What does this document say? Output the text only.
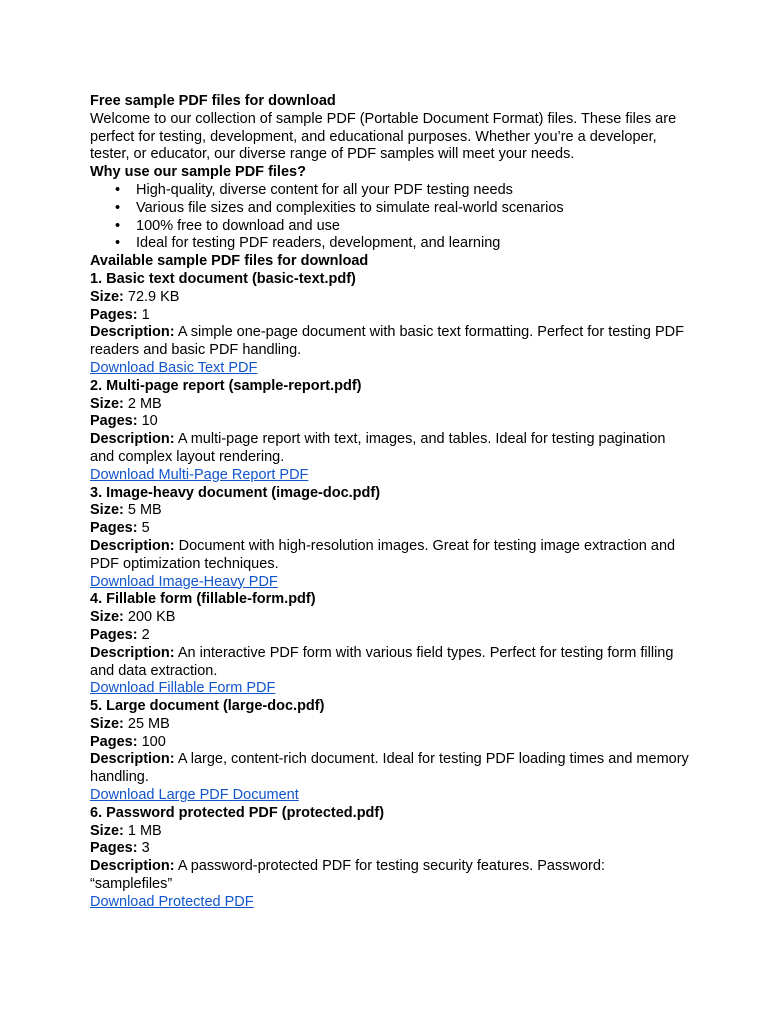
Free sample PDF files for download

Welcome to our collection of sample PDF (Portable Document Format) files. These files are perfect for testing, development, and educational purposes. Whether you’re a developer, tester, or educator, our diverse range of PDF samples will meet your needs.

Why use our sample PDF files?
• High-quality, diverse content for all your PDF testing needs
• Various file sizes and complexities to simulate real-world scenarios
• 100% free to download and use
• Ideal for testing PDF readers, development, and learning
Available sample PDF files for download
1. Basic text document (basic-text.pdf)

Size: 72.9 KB

Pages: 1

Description: A simple one-page document with basic text formatting. Perfect for testing PDF readers and basic PDF handling.

Download Basic Text PDF

2. Multi-page report (sample-report.pdf)

Size: 2 MB

Pages: 10

Description: A multi-page report with text, images, and tables. Ideal for testing pagination and complex layout rendering.

Download Multi-Page Report PDF

3. Image-heavy document (image-doc.pdf)

Size: 5 MB

Pages: 5

Description: Document with high-resolution images. Great for testing image extraction and PDF optimization techniques.

Download Image-Heavy PDF

4. Fillable form (fillable-form.pdf)

Size: 200 KB

Pages: 2

Description: An interactive PDF form with various field types. Perfect for testing form filling and data extraction.

Download Fillable Form PDF

5. Large document (large-doc.pdf)

Size: 25 MB

Pages: 100

Description: A large, content-rich document. Ideal for testing PDF loading times and memory handling.

Download Large PDF Document

6. Password protected PDF (protected.pdf)

Size: 1 MB

Pages: 3

Description: A password-protected PDF for testing security features. Password: “samplefiles”

Download Protected PDF
